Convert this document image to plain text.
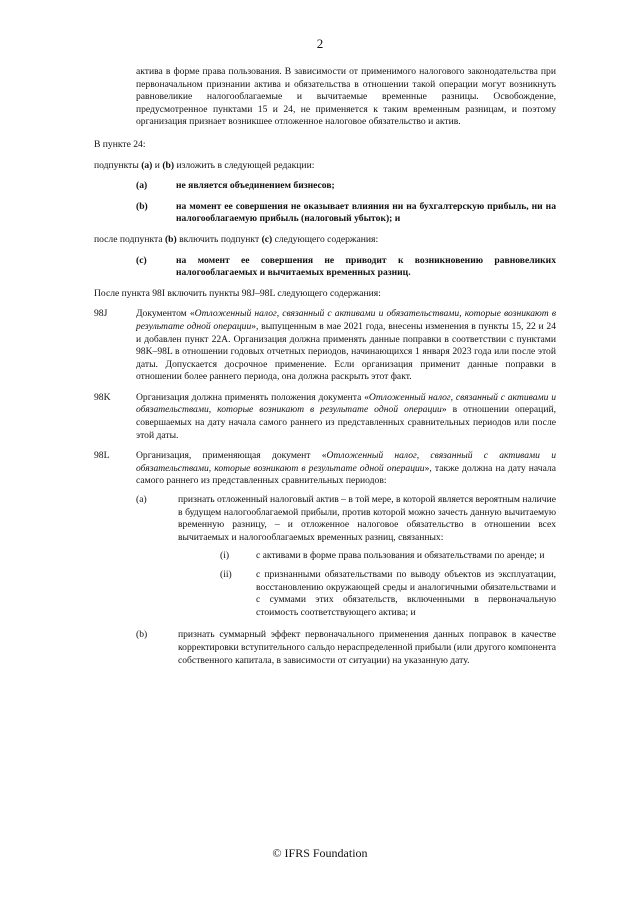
2

актива в форме права пользования. В зависимости от применимого налогового законодательства при первоначальном признании актива и обязательства в отношении такой операции могут возникнуть равновеликие налогооблагаемые и вычитаемые временные разницы. Освобождение, предусмотренное пунктами 15 и 24, не применяется к таким временным разницам, и поэтому организация признает возникшее отложенное налоговое обязательство и актив.

В пункте 24:

подпункты (a) и (b) изложить в следующей редакции:

(a)	не является объединением бизнесов;
(b)	на момент ее совершения не оказывает влияния ни на бухгалтерскую прибыль, ни на налогооблагаемую прибыль (налоговый убыток); и

после подпункта (b) включить подпункт (c) следующего содержания:

(c)	на момент ее совершения не приводит к возникновению равновеликих налогооблагаемых и вычитаемых временных разниц.

После пункта 98I включить пункты 98J–98L следующего содержания:

98J	Документом «Отложенный налог, связанный с активами и обязательствами, которые возникают в результате одной операции», выпущенным в мае 2021 года, внесены изменения в пункты 15, 22 и 24 и добавлен пункт 22A. Организация должна применять данные поправки в соответствии с пунктами 98K–98L в отношении годовых отчетных периодов, начинающихся 1 января 2023 года или после этой даты. Допускается досрочное применение. Если организация применит данные поправки в отношении более раннего периода, она должна раскрыть этот факт.
98K	Организация должна применять положения документа «Отложенный налог, связанный с активами и обязательствами, которые возникают в результате одной операции» в отношении операций, совершаемых на дату начала самого раннего из представленных сравнительных периодов или после этой даты.
98L	Организация, применяющая документ «Отложенный налог, связанный с активами и обязательствами, которые возникают в результате одной операции», также должна на дату начала самого раннего из представленных сравнительных периодов:
(a)	признать отложенный налоговый актив – в той мере, в которой является вероятным наличие в будущем налогооблагаемой прибыли, против которой можно зачесть данную вычитаемую временную разницу, – и отложенное налоговое обязательство в отношении всех вычитаемых и налогооблагаемых временных разниц, связанных:
(i)	с активами в форме права пользования и обязательствами по аренде; и
(ii)	с признанными обязательствами по выводу объектов из эксплуатации, восстановлению окружающей среды и аналогичными обязательствами и с суммами этих обязательств, включенными в первоначальную стоимость соответствующего актива; и
(b)	признать суммарный эффект первоначального применения данных поправок в качестве корректировки вступительного сальдо нераспределенной прибыли (или другого компонента собственного капитала, в зависимости от ситуации) на указанную дату.
© IFRS Foundation
